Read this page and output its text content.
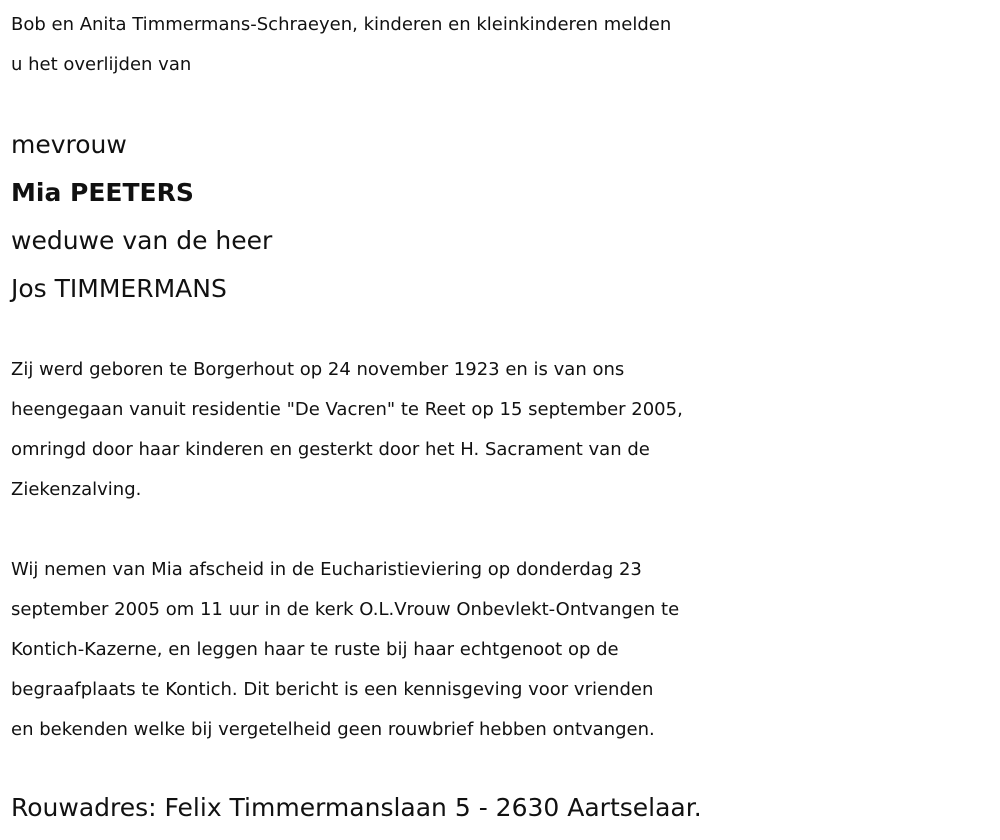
Bob en Anita Timmermans-Schraeyen, kinderen en kleinkinderen melden
u het overlijden van
mevrouw
Mia PEETERS
weduwe van de heer
Jos TIMMERMANS
Zij werd geboren te Borgerhout op 24 november 1923 en is van ons
heengegaan vanuit residentie "De Vacren" te Reet op 15 september 2005,
omringd door haar kinderen en gesterkt door het H. Sacrament van de
Ziekenzalving.
Wij nemen van Mia afscheid in de Eucharistieviering op donderdag 23
september 2005 om 11 uur in de kerk O.L.Vrouw Onbevlekt-Ontvangen te
Kontich-Kazerne, en leggen haar te ruste bij haar echtgenoot op de
begraafplaats te Kontich. Dit bericht is een kennisgeving voor vrienden
en bekenden welke bij vergetelheid geen rouwbrief hebben ontvangen.
Rouwadres: Felix Timmermanslaan 5 - 2630 Aartselaar.
